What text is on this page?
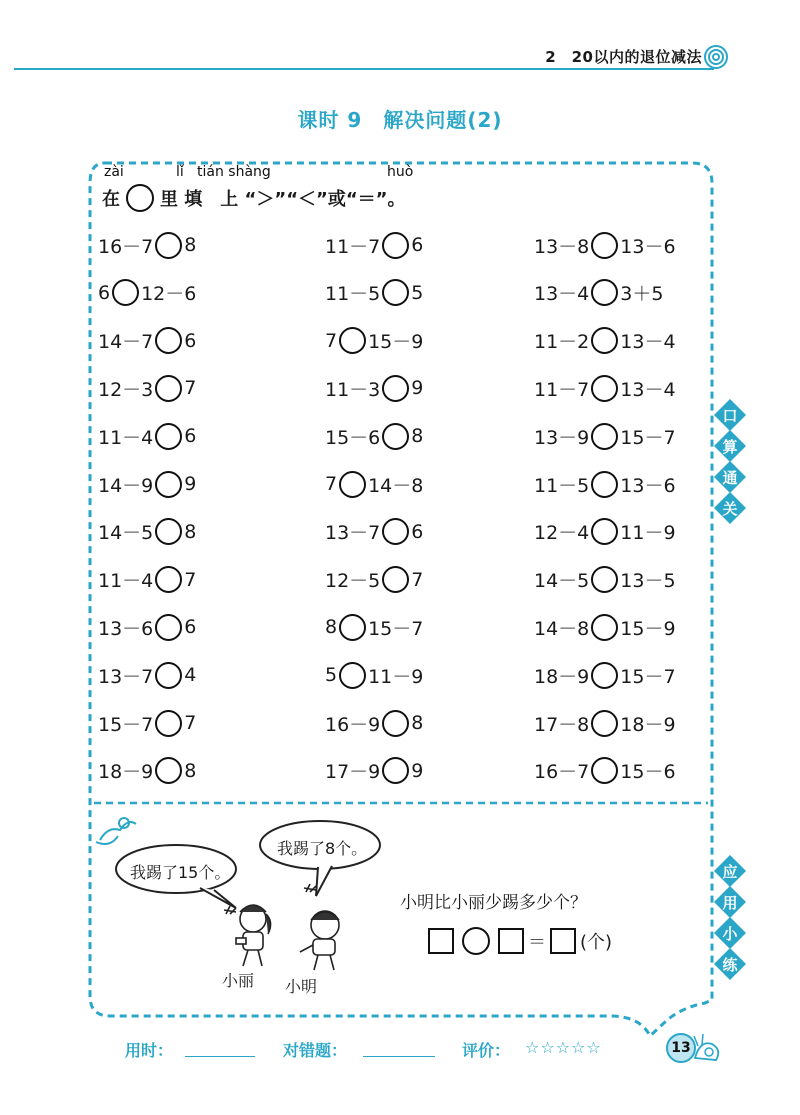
2　20以内的退位减法
课时 9　解决问题(2)
zài	lǐ tián shàng	huò
在 里 填　上 “＞”“＜”或“＝”。
16－7 8	11－7 6	13－8 13－6
6 12－6	11－5 5	13－4 3＋5
14－7 6	7 15－9	11－2 13－4
12－3 7	11－3 9	11－7 13－4
11－4 6	15－6 8	13－9 15－7
14－9 9	7 14－8	11－5 13－6
14－5 8	13－7 6	12－4 11－9
11－4 7	12－5 7	14－5 13－5
13－6 6	8 15－7	14－8 15－9
13－7 4	5 11－9	18－9 15－7
15－7 7	16－9 8	17－8 18－9
18－9 8	17－9 9	16－7 15－6
口
算
通
关
应
用
小
练
我踢了15个。
我踢了8个。
小丽 小明
小明比小丽少踢多少个？
＝ (个)
用时：	对错题：	评价： ☆☆☆☆☆	13
